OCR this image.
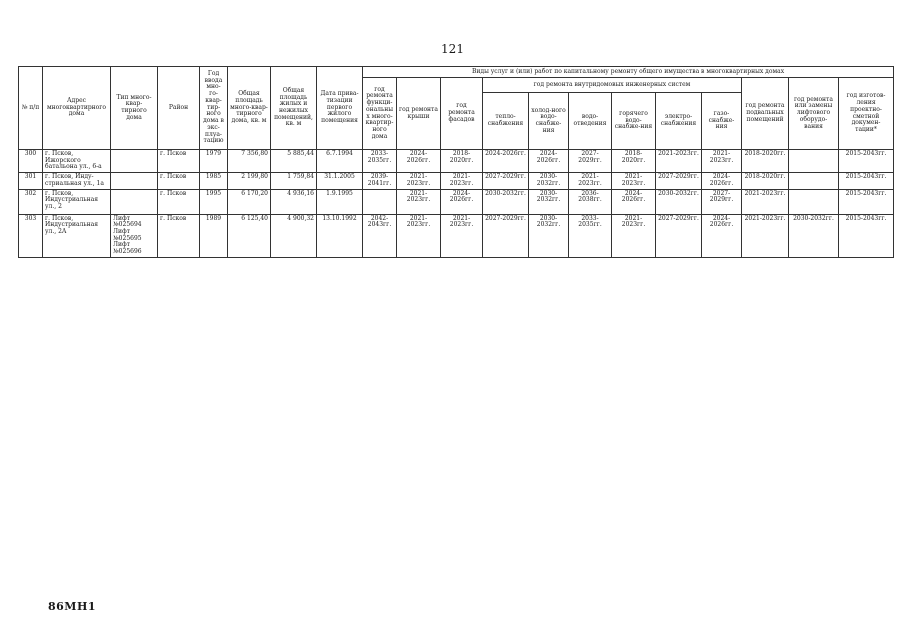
121
№ п/п	Адрес многоквартирного дома	Тип много-квар-тирного дома	Район	Год ввода мно-го-квар-тир-ного дома в экс-плуа-тацию	Общая площадь много-квар-тирного дома, кв. м	Общая площадь жилых и нежилых помещений, кв. м	Дата прива-тизации первого жилого помещения	Виды услуг и (или) работ по капитальному ремонту общего имущества в многоквартирных домах											
								год ремонта функци-ональных много-квартир-ного дома	год ремонта крыши	год ремонта фасадов	год ремонта внутридомовых инженерных систем						год ремонта подвальных помещений	год ремонта или замены лифтового оборудо-вания	год изготов-ления проектно-сметной докумен-тации*
											тепло-снабжения	холод-ного водо-снабже-ния	водо-отведения	горячего водо-снабже-ния	электро-снабжения	газо-снабже-ния			
300	г. Псков, Ижорского батальона ул., 6-а		г. Псков	1979	7 356,80	5 885,44	6.7.1994	2033-2035гг.	2024-2026гг.	2018-2020гг.	2024-2026гг.	2024-2026гг.	2027-2029гг.	2018-2020гг.	2021-2023гг.	2021-2023гг.	2018-2020гг.		2015-2043гг.
301	г. Псков, Инду-стриальная ул., 1а		г. Псков	1985	2 199,80	1 759,84	31.1.2005	2039-2041гг.	2021-2023гг.	2021-2023гг.	2027-2029гг.	2030-2032гг.	2021-2023гг.	2021-2023гг.	2027-2029гг.	2024-2026гг.	2018-2020гг.		2015-2043гг.
302	г. Псков, Индустриальная ул., 2		г. Псков	1995	6 170,20	4 936,16	1.9.1995		2021-2023гг.	2024-2026гг.	2030-2032гг.	2030-2032гг.	2036-2038гг.	2024-2026гг.	2030-2032гг.	2027-2029гг.	2021-2023гг.		2015-2043гг.
303	г. Псков, Индустриальная ул., 2А	Лифт №025694 Лифт №025695 Лифт №025696	г. Псков	1989	6 125,40	4 900,32	13.10.1992	2042-2043гг.	2021-2023гг.	2021-2023гг.	2027-2029гг.	2030-2032гг.	2033-2035гг.	2021-2023гг.	2027-2029гг.	2024-2026гг.	2021-2023гг.	2030-2032гг.	2015-2043гг.
86МН1
